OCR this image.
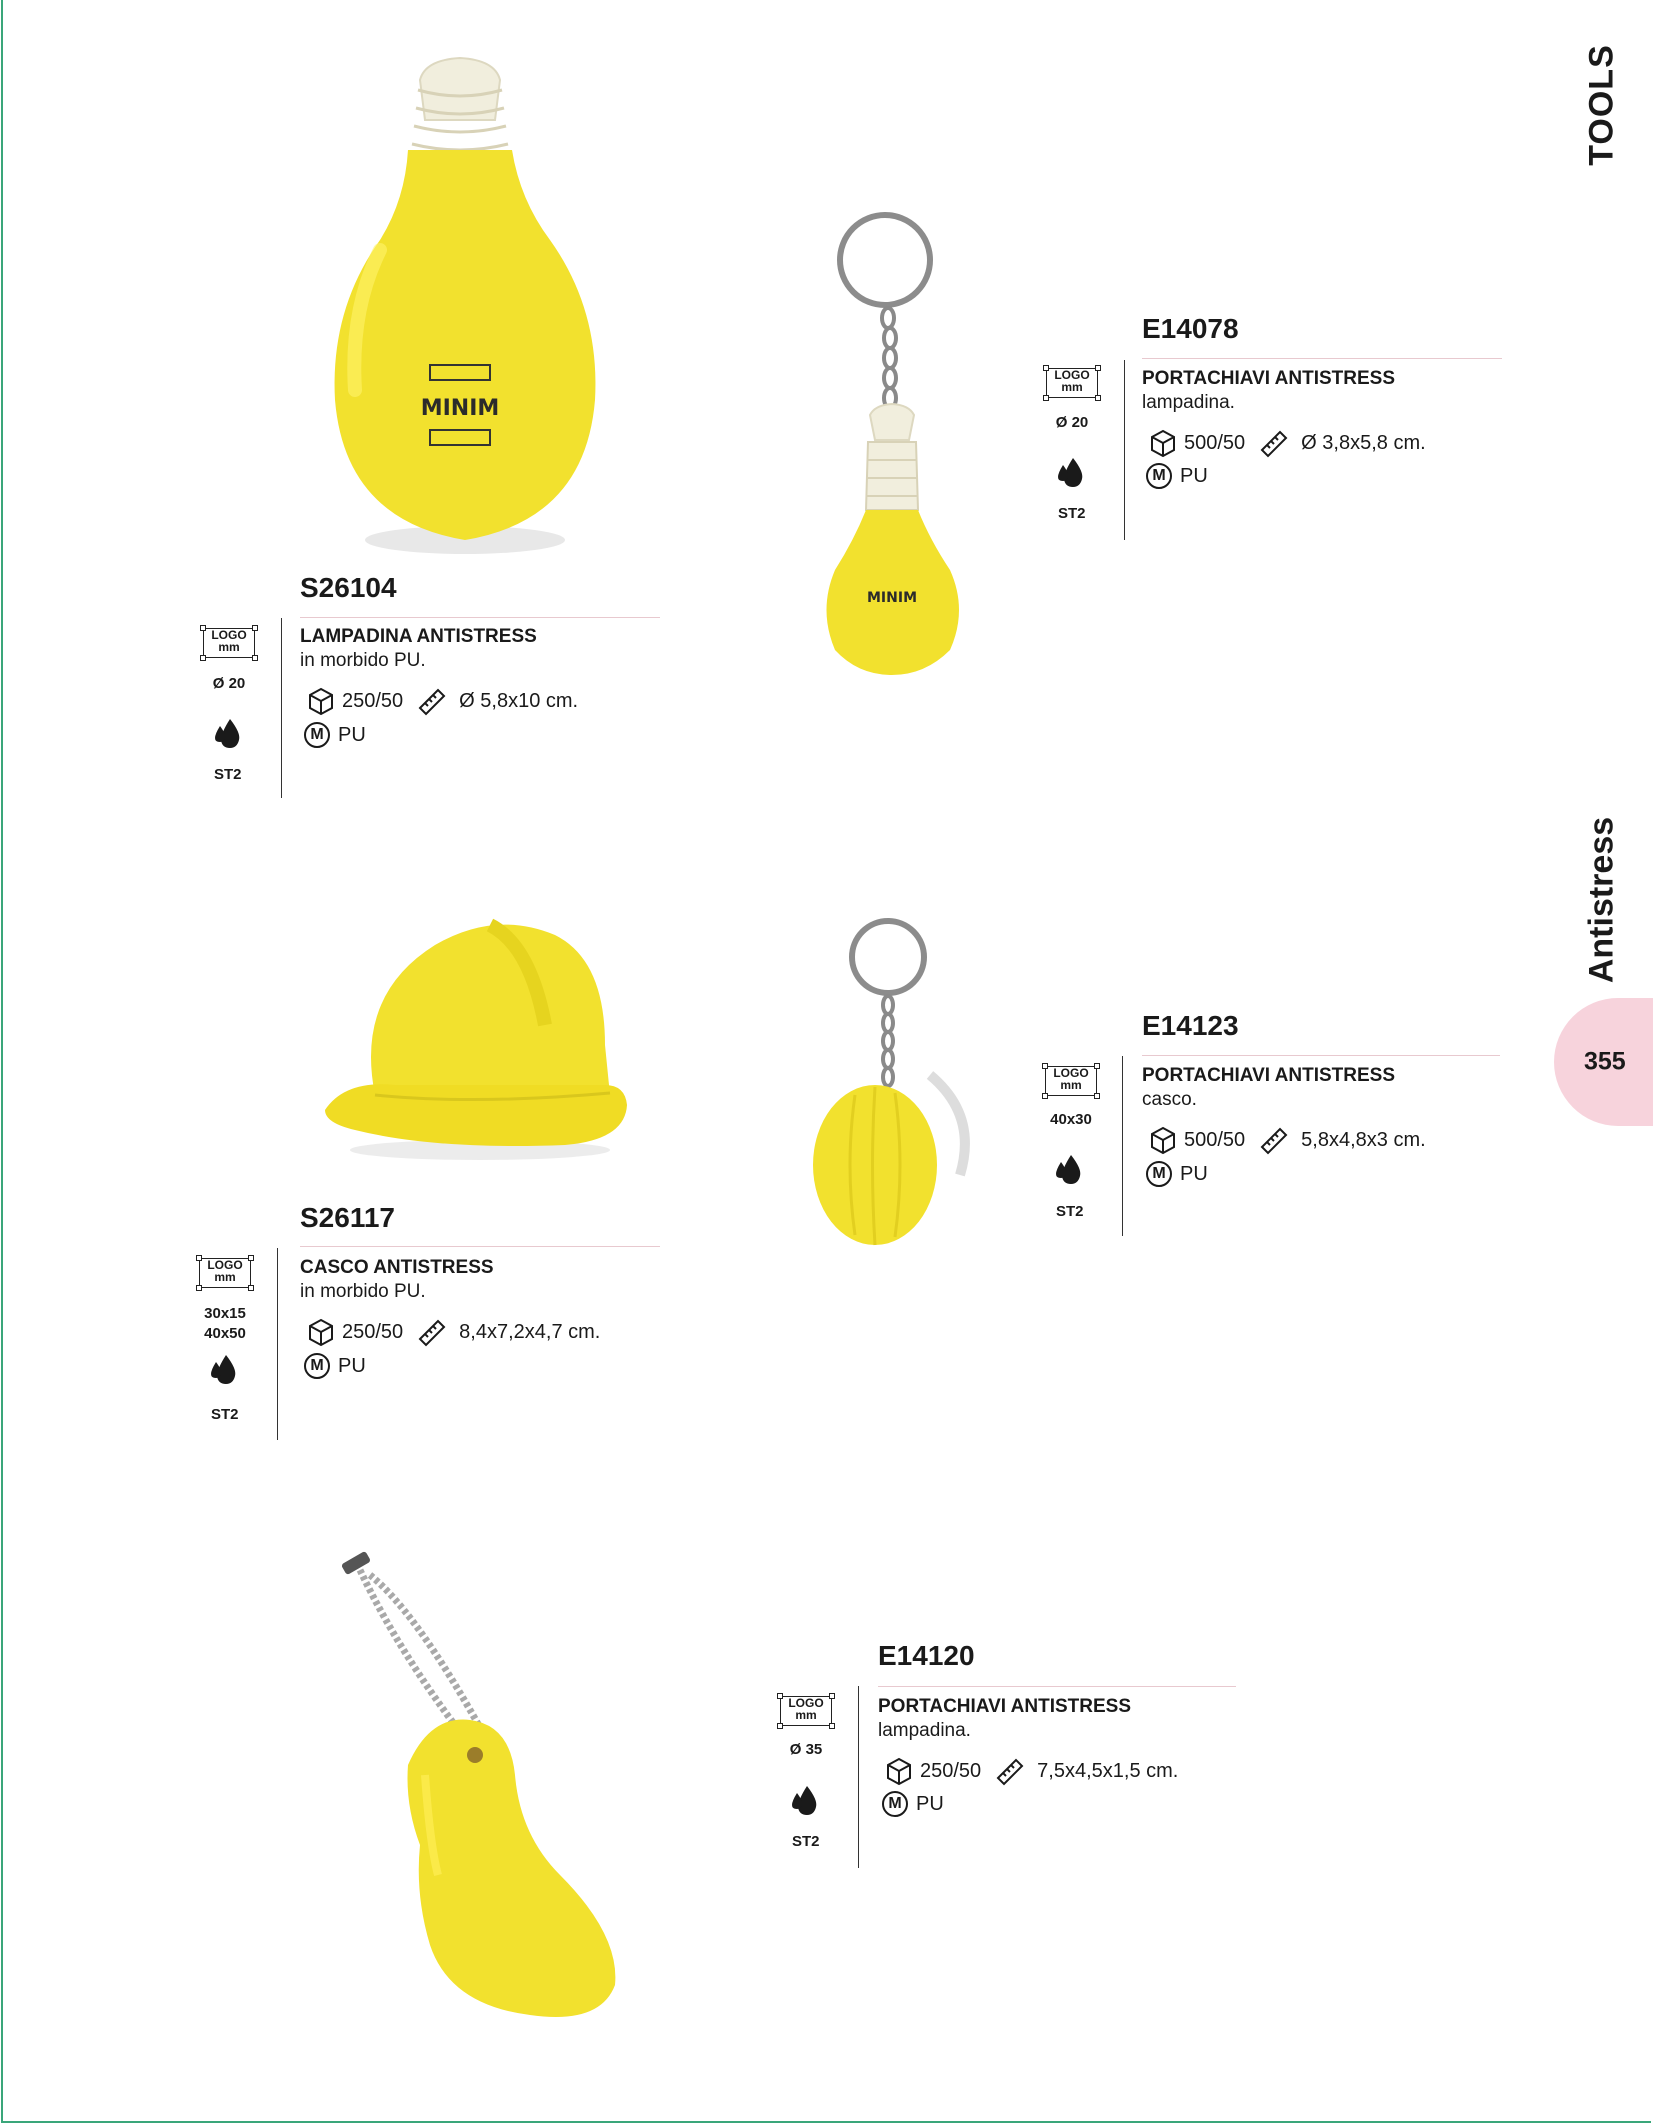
TOOLS
Antistress
355
MINIM
MINIM
S26104
LOGO
mm
Ø 20
ST2
LAMPADINA ANTISTRESS
in morbido PU.
250/50	Ø 5,8x10 cm.
M PU
E14078
LOGO
mm
Ø 20
ST2
PORTACHIAVI ANTISTRESS
lampadina.
500/50	Ø 3,8x5,8 cm.
M PU
S26117
LOGO
mm
30x15
40x50
ST2
CASCO ANTISTRESS
in morbido PU.
250/50	8,4x7,2x4,7 cm.
M PU
E14123
LOGO
mm
40x30
ST2
PORTACHIAVI ANTISTRESS
casco.
500/50	5,8x4,8x3 cm.
M PU
E14120
LOGO
mm
Ø 35
ST2
PORTACHIAVI ANTISTRESS
lampadina.
250/50	7,5x4,5x1,5 cm.
M PU
